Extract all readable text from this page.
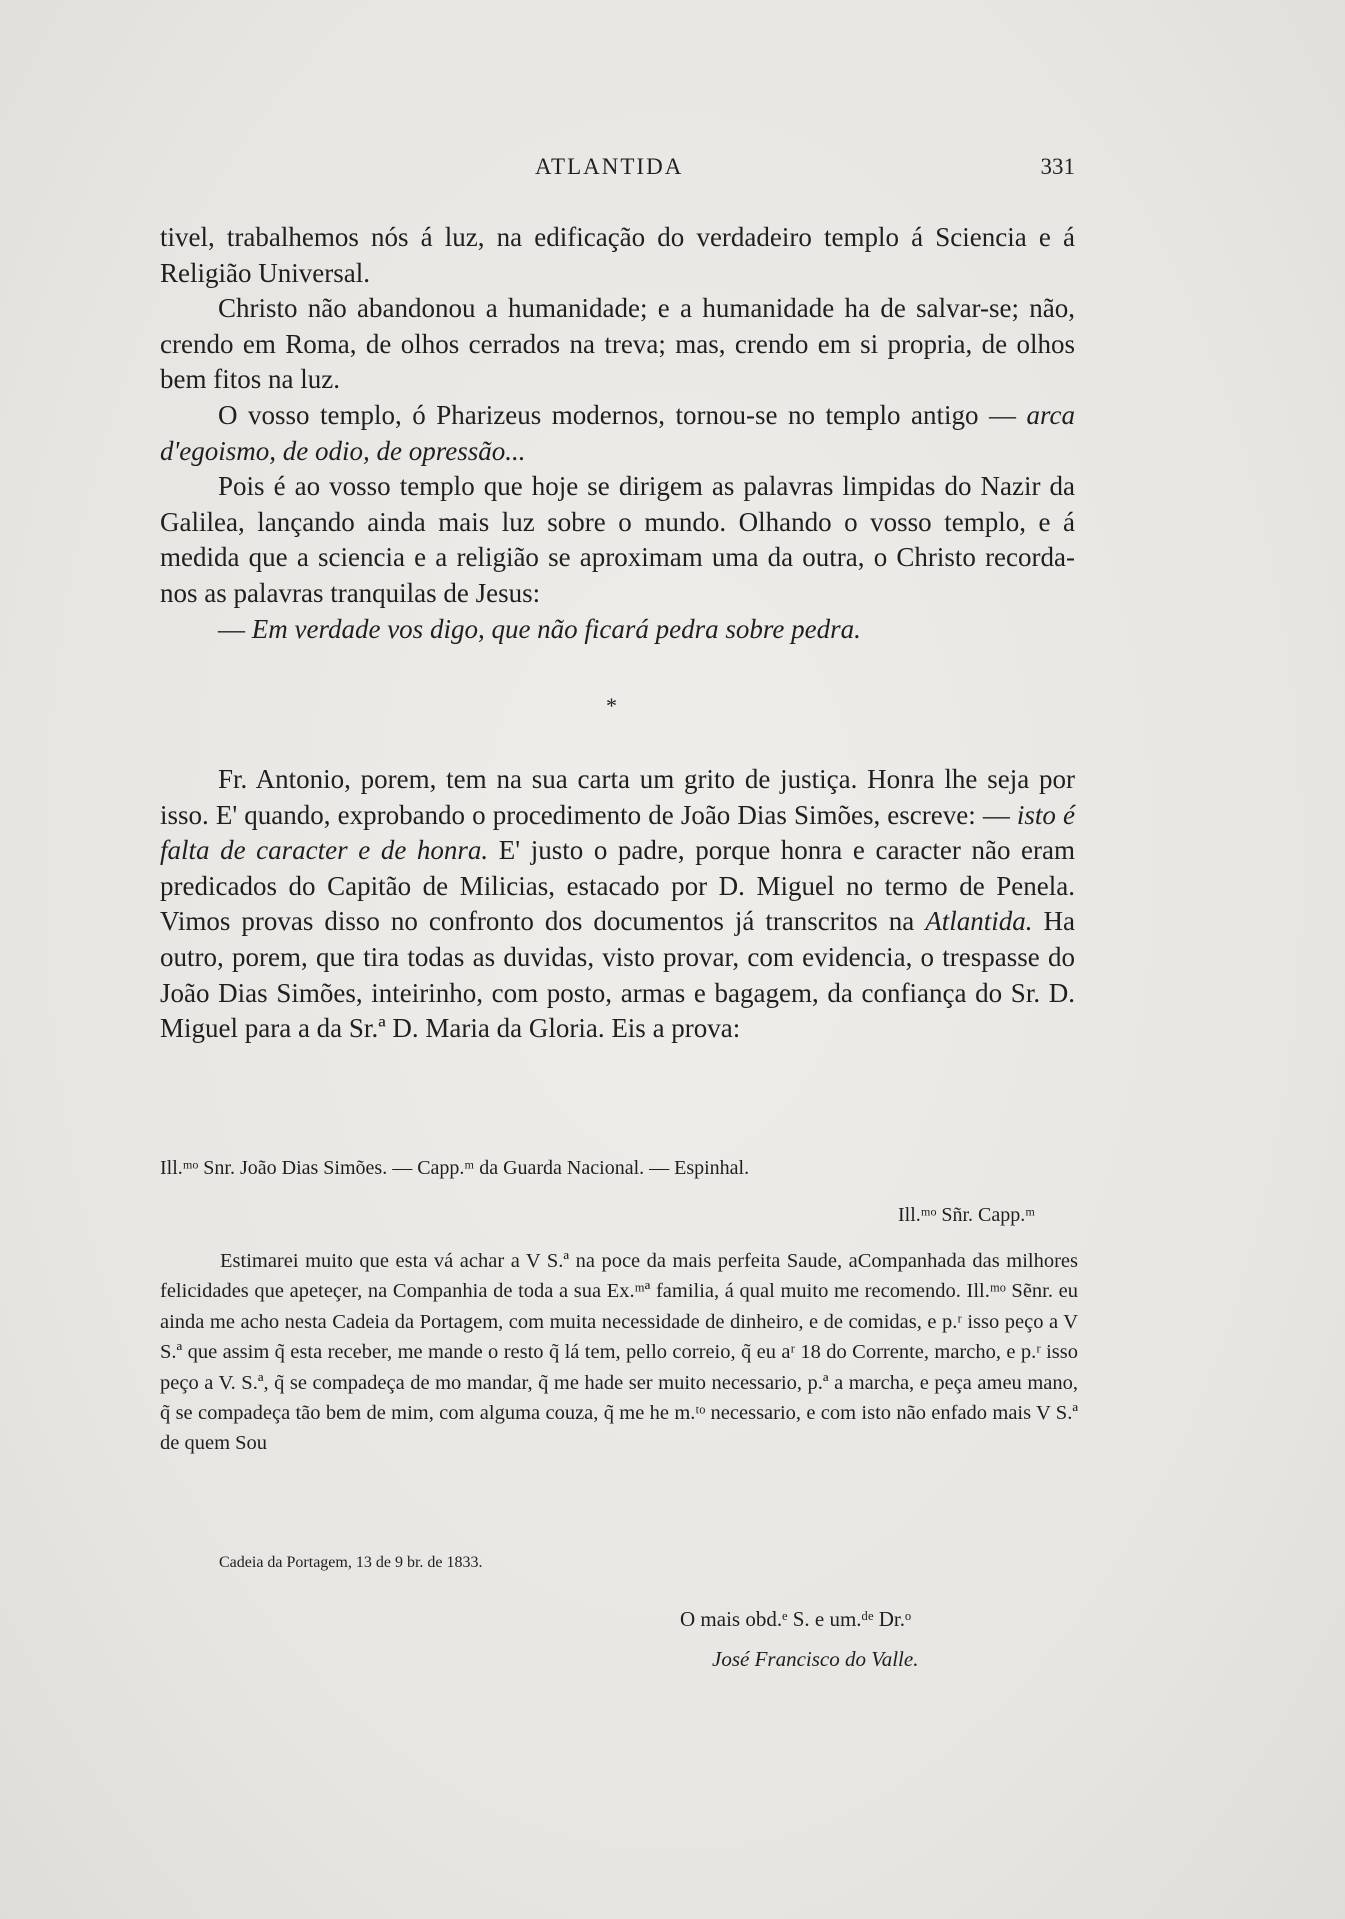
ATLANTIDA	331

tivel, trabalhemos nós á luz, na edificação do verdadeiro templo á Sciencia e á Religião Universal.

Christo não abandonou a humanidade; e a humanidade ha de salvar-se; não, crendo em Roma, de olhos cerrados na treva; mas, crendo em si propria, de olhos bem fitos na luz.

O vosso templo, ó Pharizeus modernos, tornou-se no templo antigo — arca d'egoismo, de odio, de opressão...

Pois é ao vosso templo que hoje se dirigem as palavras limpidas do Nazir da Galilea, lançando ainda mais luz sobre o mundo. Olhando o vosso templo, e á medida que a sciencia e a religião se aproximam uma da outra, o Christo recorda-nos as palavras tranquilas de Jesus:

— Em verdade vos digo, que não ficará pedra sobre pedra.

*

Fr. Antonio, porem, tem na sua carta um grito de justiça. Honra lhe seja por isso. E' quando, exprobando o procedimento de João Dias Simões, escreve: — isto é falta de caracter e de honra. E' justo o padre, porque honra e caracter não eram predicados do Capitão de Milicias, estacado por D. Miguel no termo de Penela. Vimos provas disso no confronto dos documentos já transcritos na Atlantida. Ha outro, porem, que tira todas as duvidas, visto provar, com evidencia, o trespasse do João Dias Simões, inteirinho, com posto, armas e bagagem, da confiança do Sr. D. Miguel para a da Sr.ª D. Maria da Gloria. Eis a prova:

Ill.ᵐᵒ Snr. João Dias Simões. — Capp.ᵐ da Guarda Nacional. — Espinhal.
Ill.ᵐᵒ Sñr. Capp.ᵐ

Estimarei muito que esta vá achar a V S.ª na poce da mais perfeita Saude, aCompanhada das milhores felicidades que apeteçer, na Companhia de toda a sua Ex.ᵐª familia, á qual muito me recomendo. Ill.ᵐᵒ Sẽnr. eu ainda me acho nesta Cadeia da Portagem, com muita necessidade de dinheiro, e de comidas, e p.ʳ isso peço a V S.ª que assim q̃ esta receber, me mande o resto q̃ lá tem, pello correio, q̃ eu aʳ 18 do Corrente, marcho, e p.ʳ isso peço a V. S.ª, q̃ se compadeça de mo mandar, q̃ me hade ser muito necessario, p.ª a marcha, e peça ameu mano, q̃ se compadeça tão bem de mim, com alguma couza, q̃ me he m.ᵗᵒ necessario, e com isto não enfado mais V S.ª de quem Sou

Cadeia da Portagem, 13 de 9 br. de 1833.
O mais obd.ᵉ S. e um.ᵈᵉ Dr.ᵒ
José Francisco do Valle.
